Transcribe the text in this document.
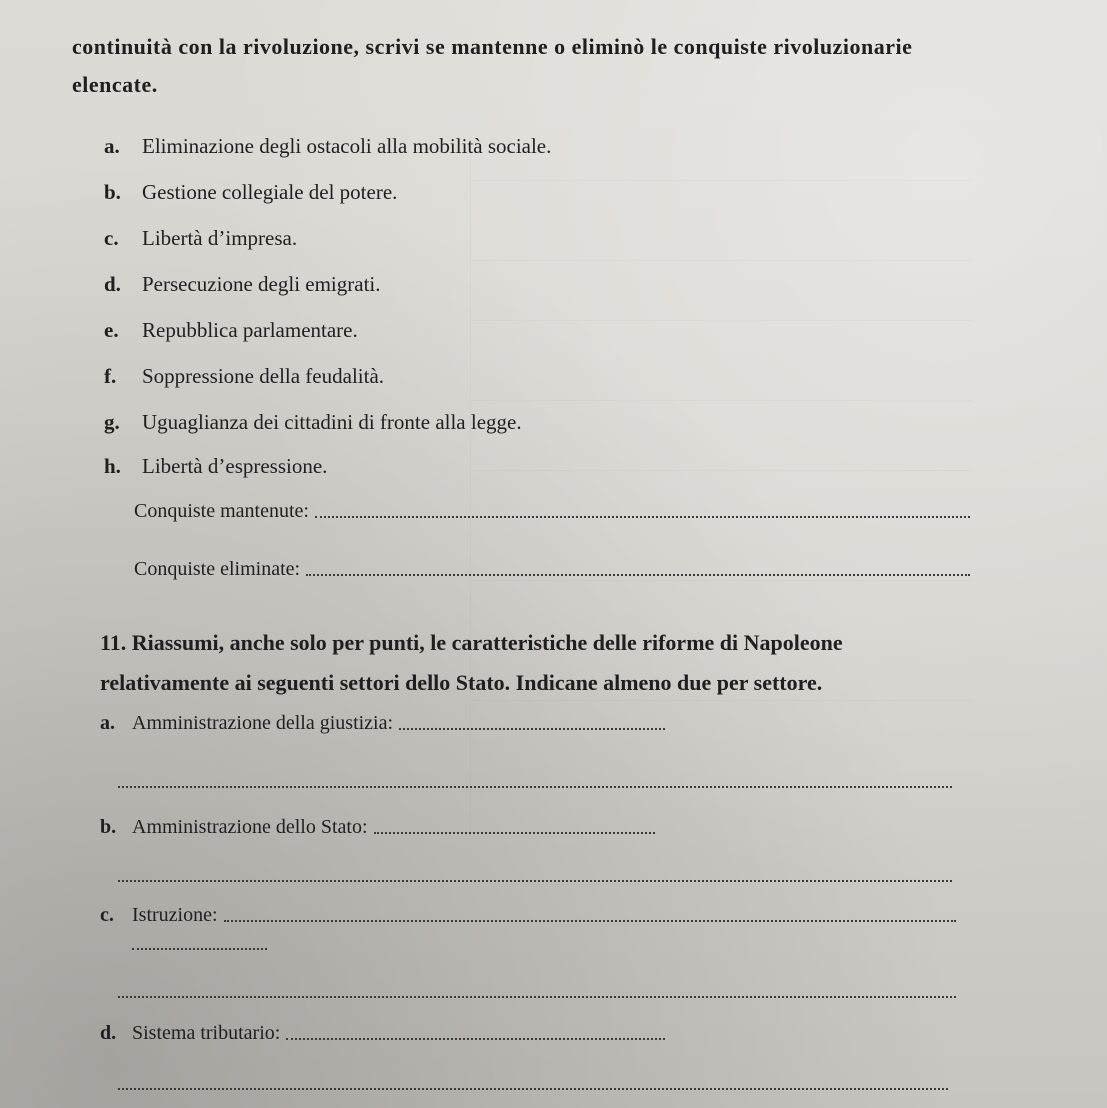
continuità con la rivoluzione, scrivi se mantenne o eliminò le conquiste rivoluzionarie
elencate.
a. Eliminazione degli ostacoli alla mobilità sociale.
b. Gestione collegiale del potere.
c. Libertà d’impresa.
d. Persecuzione degli emigrati.
e. Repubblica parlamentare.
f. Soppressione della feudalità.
g. Uguaglianza dei cittadini di fronte alla legge.
h. Libertà d’espressione.
Conquiste mantenute:
Conquiste eliminate:
11. Riassumi, anche solo per punti, le caratteristiche delle riforme di Napoleone
relativamente ai seguenti settori dello Stato. Indicane almeno due per settore.
a. Amministrazione della giustizia:
b. Amministrazione dello Stato:
c. Istruzione:
d. Sistema tributario:
